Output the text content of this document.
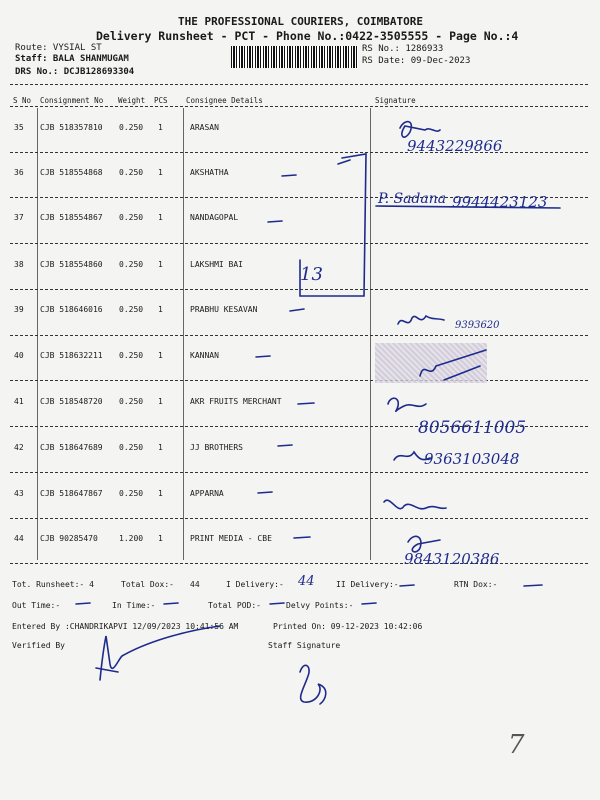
THE PROFESSIONAL COURIERS, COIMBATORE
Delivery Runsheet - PCT - Phone No.:0422-3505555 - Page No.:4
Route: VYSIAL ST
Staff: BALA SHANMUGAM
DRS No.: DCJB128693304
RS No.: 1286933
RS Date: 09-Dec-2023
S No Consignment No Weight PCS Consignee Details	Signature
35 CJB 518357810 0.250 1	ARASAN
36 CJB 518554868 0.250 1	AKSHATHA
37 CJB 518554867 0.250 1	NANDAGOPAL
38 CJB 518554860 0.250 1	LAKSHMI BAI
39 CJB 518646016 0.250 1	PRABHU KESAVAN
40 CJB 518632211 0.250 1	KANNAN
41 CJB 518548720 0.250 1	AKR FRUITS MERCHANT
42 CJB 518647689 0.250 1	JJ BROTHERS
43 CJB 518647867 0.250 1	APPARNA
44 CJB 90285470	1.200 1	PRINT MEDIA - CBE
Tot. Runsheet:- 4	Total Dox:- 44	I Delivery:-	II Delivery:-	RTN Dox:-
Out Time:-	In Time:-	Total POD:-	Delvy Points:-
Entered By :CHANDRIKAPVI 12/09/2023 10:41:56 AM	Printed On: 09-12-2023 10:42:06
Verified By	Staff Signature
9443229866
P. Sadana 9944423123
13
9393620
8056611005
9363103048
9843120386
44
7
